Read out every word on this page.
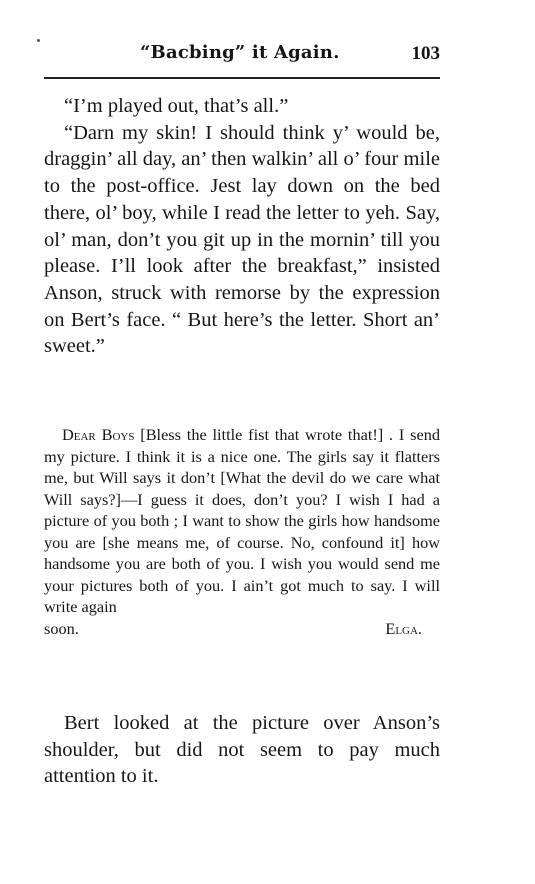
“Bacbing” it Again.	103

“I’m played out, that’s all.”

“Darn my skin! I should think y’ would be, draggin’ all day, an’ then walkin’ all o’ four mile to the post-office. Jest lay down on the bed there, ol’ boy, while I read the letter to yeh. Say, ol’ man, don’t you git up in the mornin’ till you please. I’ll look after the breakfast,” insisted Anson, struck with remorse by the expression on Bert’s face. “ But here’s the letter. Short an’ sweet.”

Dear Boys [Bless the little fist that wrote that!] . I send my picture. I think it is a nice one. The girls say it flatters me, but Will says it don’t [What the devil do we care what Will says?]—I guess it does, don’t you? I wish I had a picture of you both ; I want to show the girls how handsome you are [she means me, of course. No, confound it] how handsome you are both of you. I wish you would send me your pictures both of you. I ain’t got much to say. I will write again

soon.	Elga.

Bert looked at the picture over Anson’s shoulder, but did not seem to pay much attention to it.
